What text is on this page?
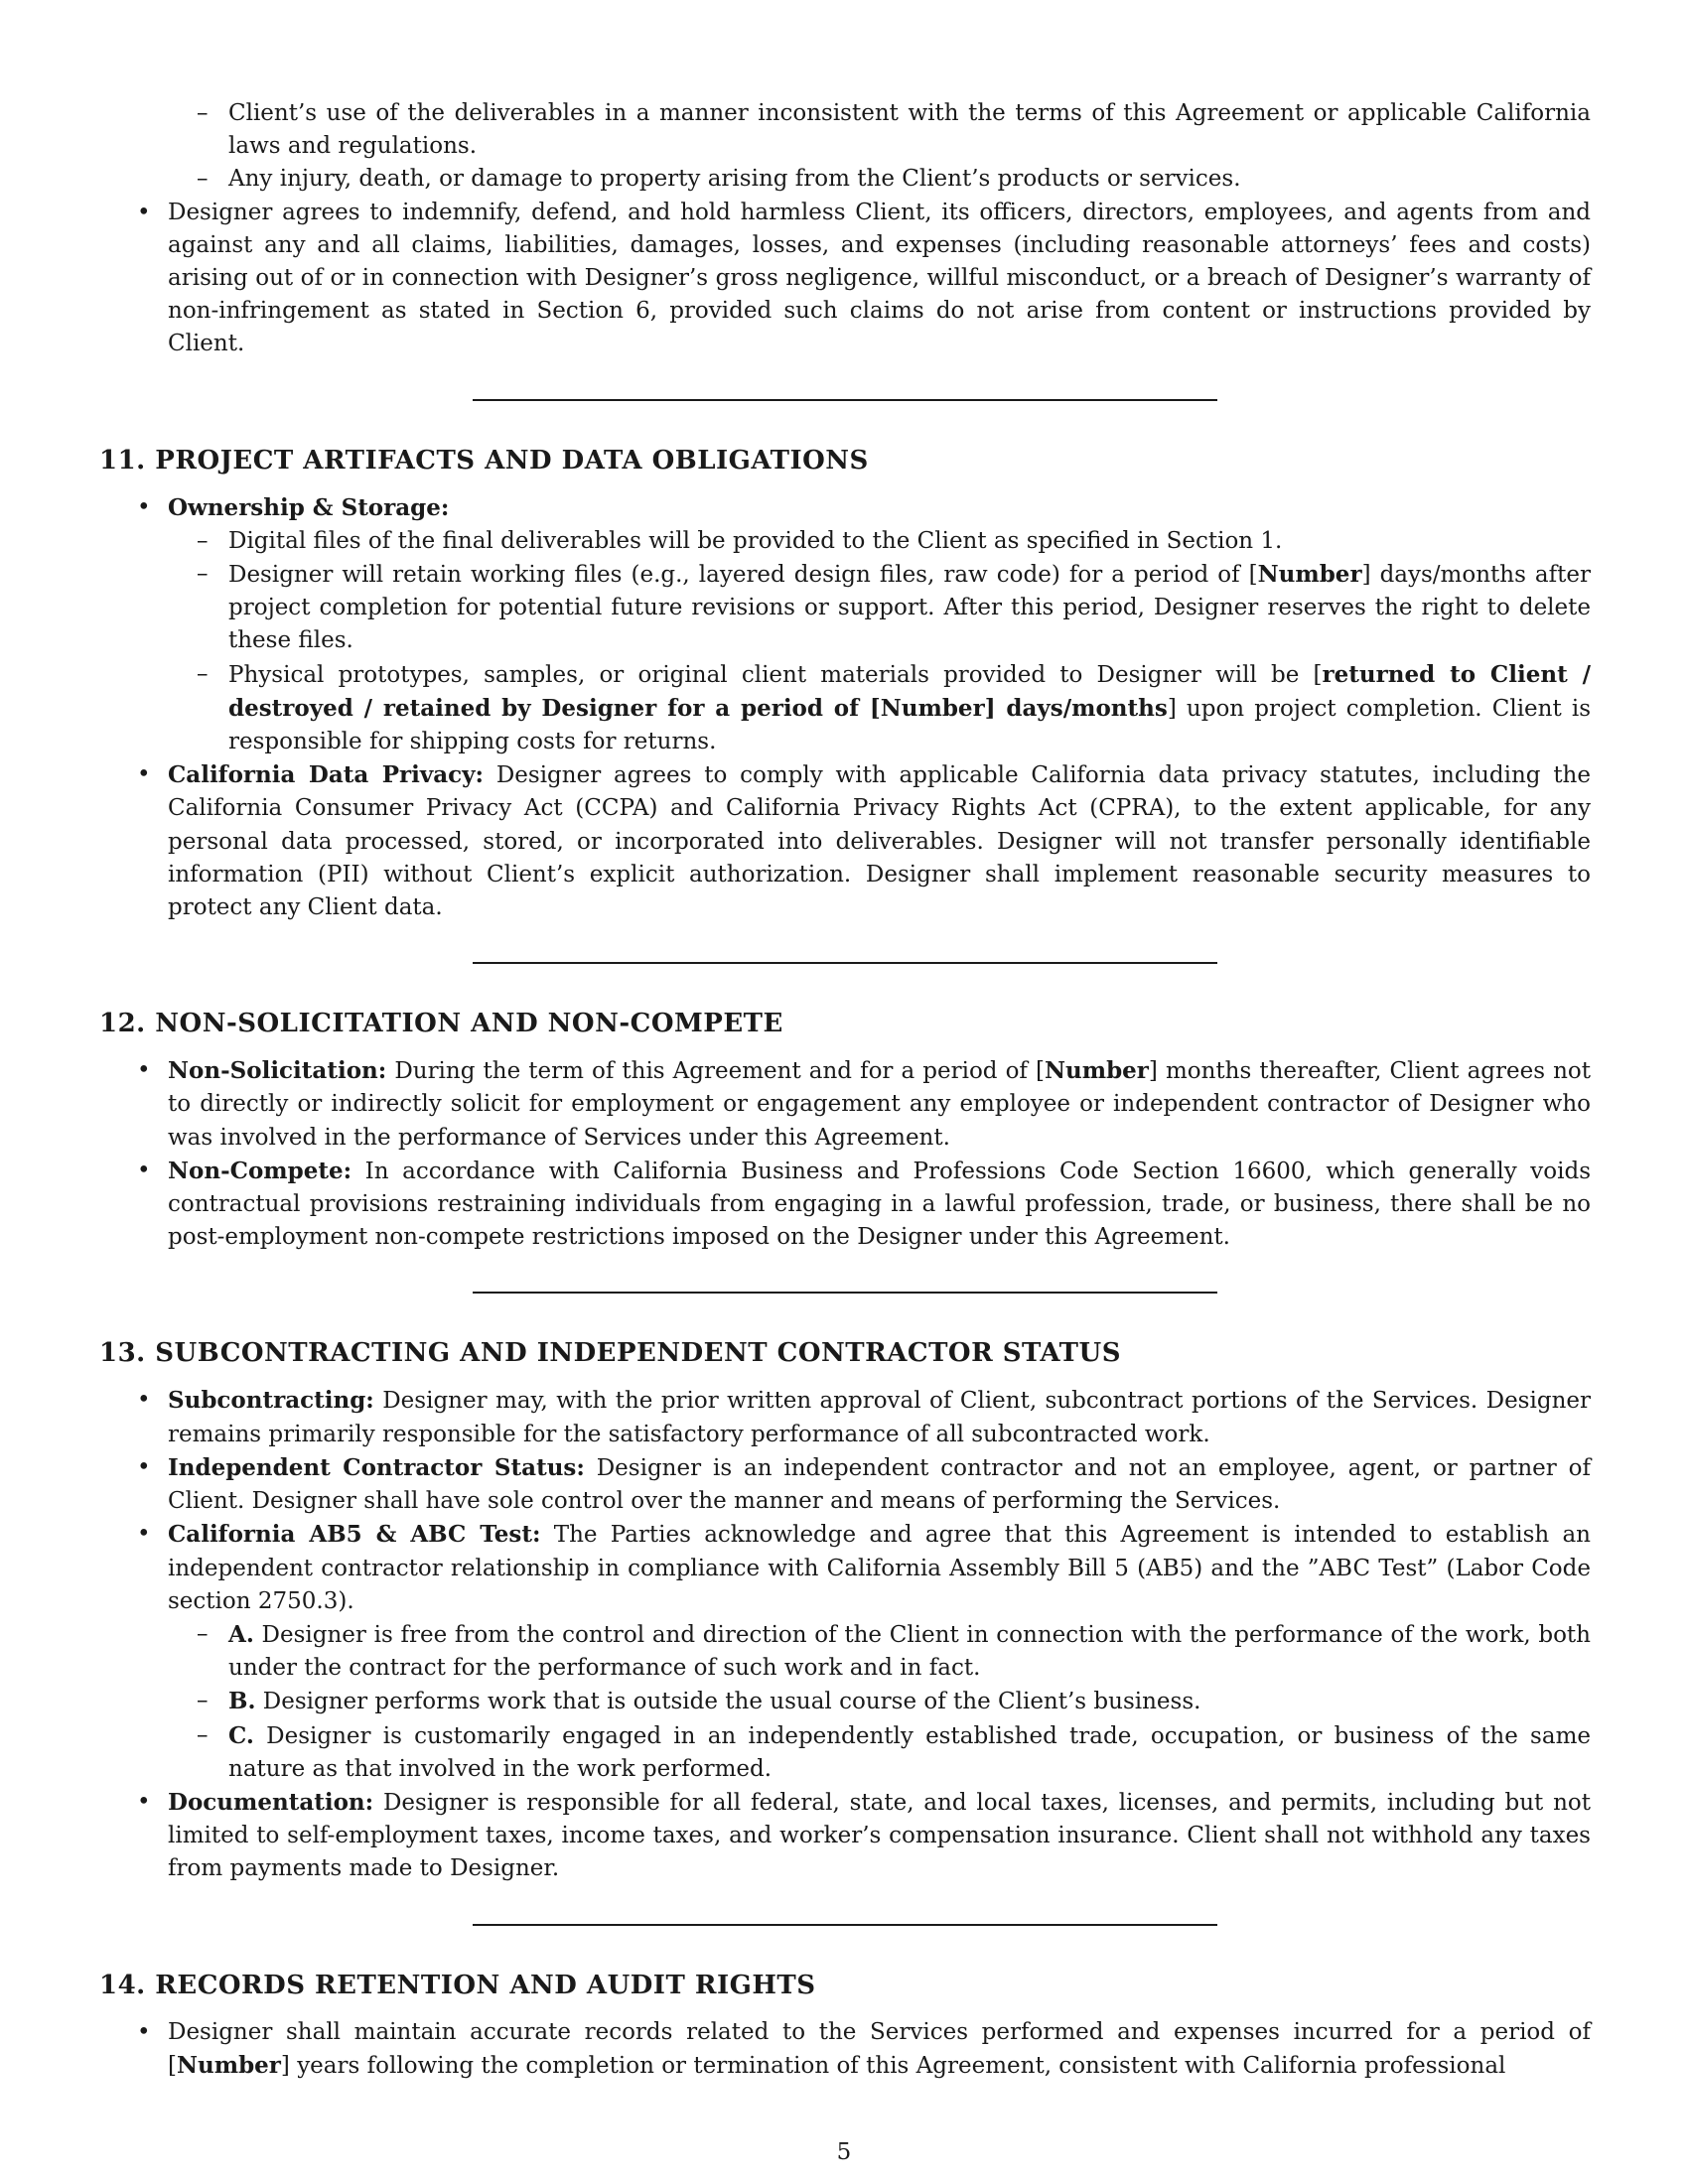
– Client’s use of the deliverables in a manner inconsistent with the terms of this Agreement or applicable California laws and regulations.
– Any injury, death, or damage to property arising from the Client’s products or services.
• Designer agrees to indemnify, defend, and hold harmless Client, its officers, directors, employees, and agents from and against any and all claims, liabilities, damages, losses, and expenses (including reasonable attorneys’ fees and costs) arising out of or in connection with Designer’s gross negligence, willful misconduct, or a breach of Designer’s warranty of non-infringement as stated in Section 6, provided such claims do not arise from content or instructions provided by Client.
11. PROJECT ARTIFACTS AND DATA OBLIGATIONS
• Ownership & Storage:
– Digital files of the final deliverables will be provided to the Client as specified in Section 1.
– Designer will retain working files (e.g., layered design files, raw code) for a period of [Number] days/months after project completion for potential future revisions or support. After this period, Designer reserves the right to delete these files.
– Physical prototypes, samples, or original client materials provided to Designer will be [returned to Client / destroyed / retained by Designer for a period of [Number] days/months] upon project completion. Client is responsible for shipping costs for returns.
• California Data Privacy: Designer agrees to comply with applicable California data privacy statutes, including the California Consumer Privacy Act (CCPA) and California Privacy Rights Act (CPRA), to the extent applicable, for any personal data processed, stored, or incorporated into deliverables. Designer will not transfer personally identifiable information (PII) without Client’s explicit authorization. Designer shall implement reasonable security measures to protect any Client data.
12. NON-SOLICITATION AND NON-COMPETE
• Non-Solicitation: During the term of this Agreement and for a period of [Number] months thereafter, Client agrees not to directly or indirectly solicit for employment or engagement any employee or independent contractor of Designer who was involved in the performance of Services under this Agreement.
• Non-Compete: In accordance with California Business and Professions Code Section 16600, which generally voids contractual provisions restraining individuals from engaging in a lawful profession, trade, or business, there shall be no post-employment non-compete restrictions imposed on the Designer under this Agreement.
13. SUBCONTRACTING AND INDEPENDENT CONTRACTOR STATUS
• Subcontracting: Designer may, with the prior written approval of Client, subcontract portions of the Services. Designer remains primarily responsible for the satisfactory performance of all subcontracted work.
• Independent Contractor Status: Designer is an independent contractor and not an employee, agent, or partner of Client. Designer shall have sole control over the manner and means of performing the Services.
• California AB5 & ABC Test: The Parties acknowledge and agree that this Agreement is intended to establish an independent contractor relationship in compliance with California Assembly Bill 5 (AB5) and the ”ABC Test” (Labor Code section 2750.3).
– A. Designer is free from the control and direction of the Client in connection with the performance of the work, both under the contract for the performance of such work and in fact.
– B. Designer performs work that is outside the usual course of the Client’s business.
– C. Designer is customarily engaged in an independently established trade, occupation, or business of the same nature as that involved in the work performed.
• Documentation: Designer is responsible for all federal, state, and local taxes, licenses, and permits, including but not limited to self-employment taxes, income taxes, and worker’s compensation insurance. Client shall not withhold any taxes from payments made to Designer.
14. RECORDS RETENTION AND AUDIT RIGHTS
• Designer shall maintain accurate records related to the Services performed and expenses incurred for a period of [Number] years following the completion or termination of this Agreement, consistent with California professional
5
